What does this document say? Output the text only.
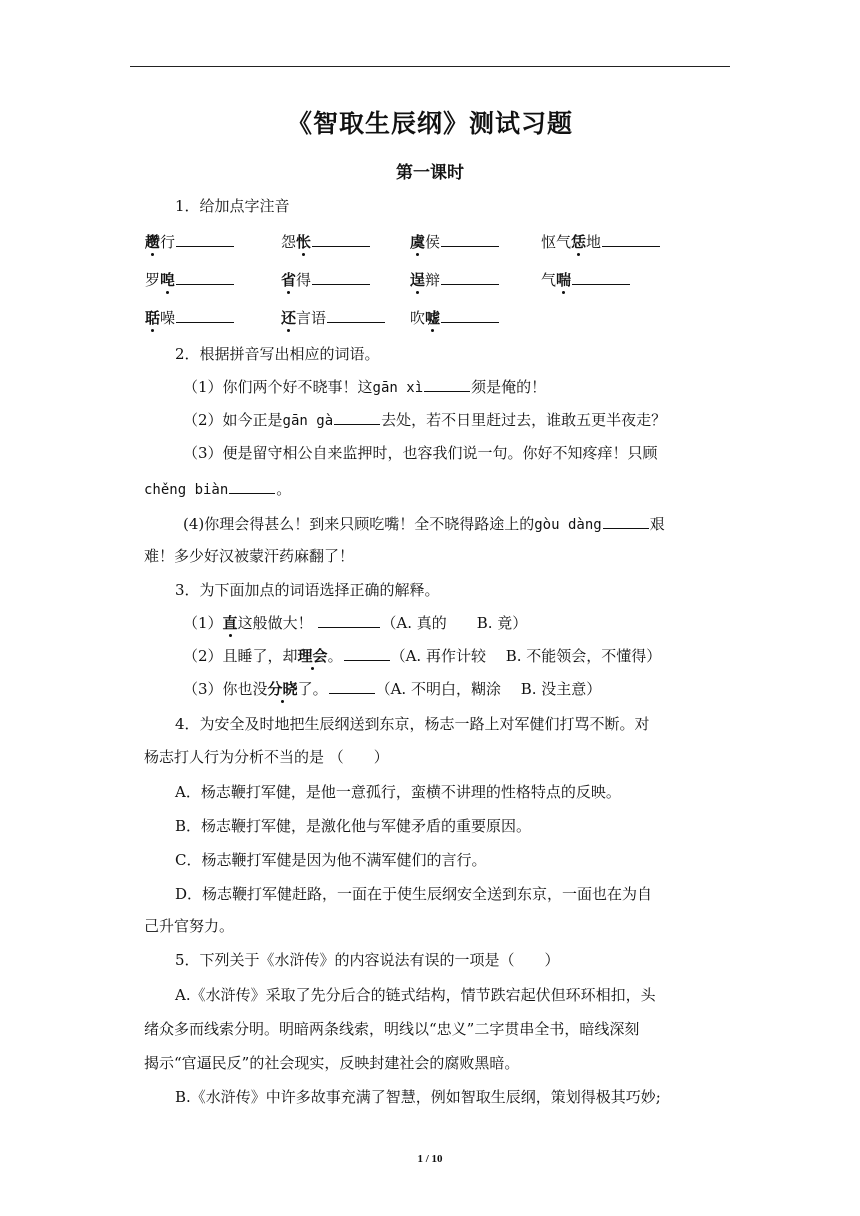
《智取生辰纲》测试习题
第一课时
1．给加点字注音
趱行	怨怅	虞侯	怄气恁地
罗唣	省得	逞辩	气喘
聒噪	还言语	吹嘘
2．根据拼音写出相应的词语。
（1）你们两个好不晓事！这gān xì	须是俺的！
（2）如今正是gān gà	去处，若不日里赶过去，谁敢五更半夜走？
（3）便是留守相公自来监押时，也容我们说一句。你好不知疼痒！只顾
chěng biàn	。
(4)你理会得甚么！到来只顾吃嘴！全不晓得路途上的gòu dàng	艰
难！多少好汉被蒙汗药麻翻了！
3．为下面加点的词语选择正确的解释。
（1）直这般做大！	（A. 真的　　B. 竟）
（2）且睡了，却理会。	（A. 再作计较　 B. 不能领会，不懂得）
（3）你也没分晓了。	（A. 不明白，糊涂　 B. 没主意）
4．为安全及时地把生辰纲送到东京，杨志一路上对军健们打骂不断。对
杨志打人行为分析不当的是 （　　）
A．杨志鞭打军健，是他一意孤行，蛮横不讲理的性格特点的反映。
B．杨志鞭打军健，是激化他与军健矛盾的重要原因。
C．杨志鞭打军健是因为他不满军健们的言行。
D．杨志鞭打军健赶路，一面在于使生辰纲安全送到东京，一面也在为自
己升官努力。
5．下列关于《水浒传》的内容说法有误的一项是（　　）
A.《水浒传》采取了先分后合的链式结构，情节跌宕起伏但环环相扣，头
绪众多而线索分明。明暗两条线索，明线以“忠义”二字贯串全书，暗线深刻
揭示“官逼民反”的社会现实，反映封建社会的腐败黑暗。
B.《水浒传》中许多故事充满了智慧，例如智取生辰纲，策划得极其巧妙;
1 / 10
